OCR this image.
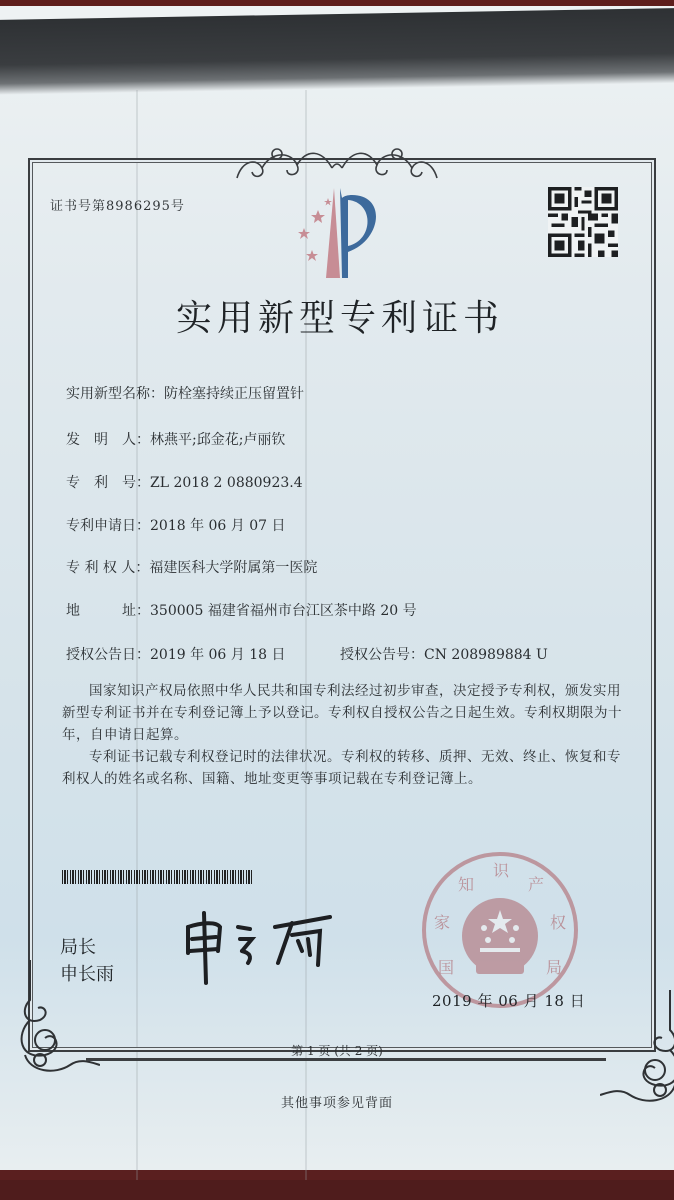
证书号第8986295号
实用新型专利证书
实用新型名称：防栓塞持续正压留置针
发　明　人：林燕平;邱金花;卢丽钦
专　利　号：ZL 2018 2 0880923.4
专利申请日：2018 年 06 月 07 日
专 利 权 人：福建医科大学附属第一医院
地　　　址：350005 福建省福州市台江区茶中路 20 号
授权公告日：2019 年 06 月 18 日	授权公告号：CN 208989884 U

国家知识产权局依照中华人民共和国专利法经过初步审查，决定授予专利权，颁发实用新型专利证书并在专利登记簿上予以登记。专利权自授权公告之日起生效。专利权期限为十年，自申请日起算。

专利证书记载专利权登记时的法律状况。专利权的转移、质押、无效、终止、恢复和专利权人的姓名或名称、国籍、地址变更等事项记载在专利登记簿上。

局长
申长雨	国
家
知
识
产
权
局
2019 年 06 月 18 日
第 1 页 (共 2 页)
其他事项参见背面
